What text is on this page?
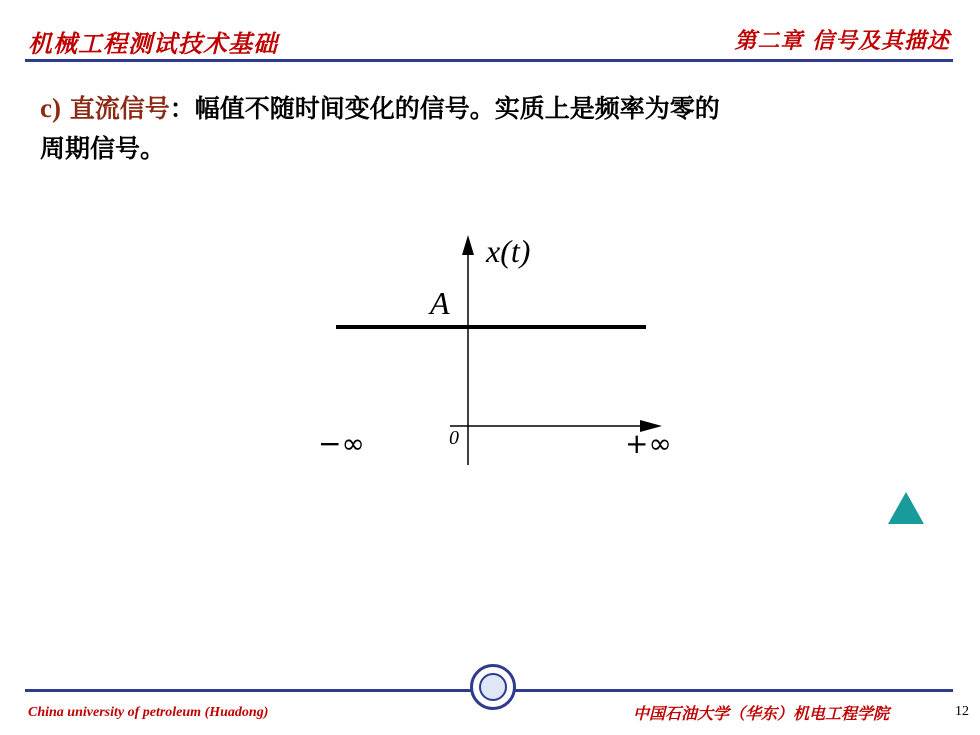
机械工程测试技术基础	第二章 信号及其描述
c) 直流信号：幅值不随时间变化的信号。实质上是频率为零的
周期信号。
x(t)
A
0
−∞	+∞
China university of petroleum (Huadong)	中国石油大学（华东）机电工程学院	12
